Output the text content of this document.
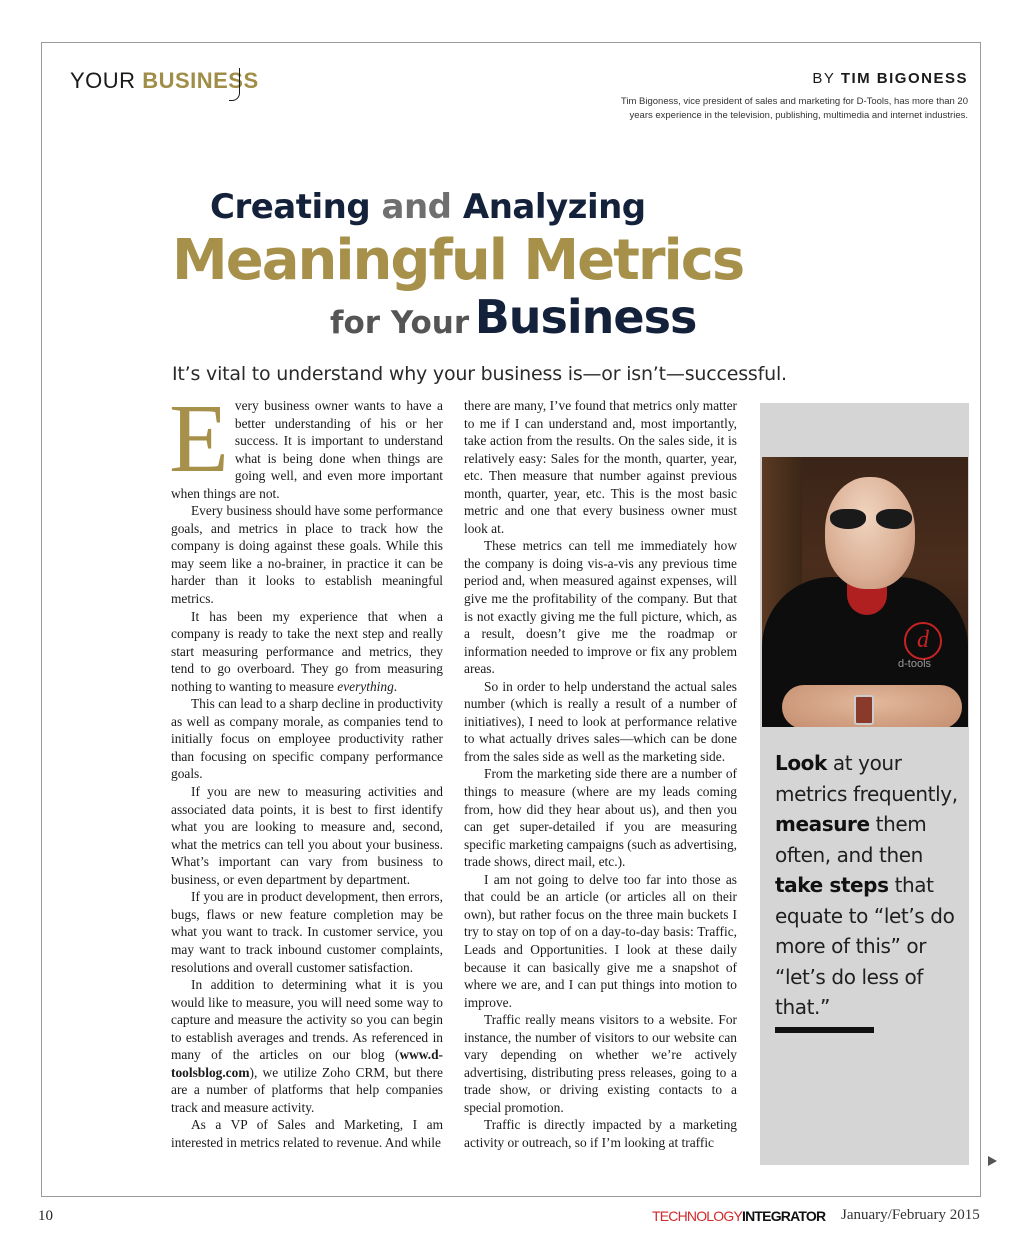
YOUR BUSINESS	BY TIM BIGONESS
Tim Bigoness, vice president of sales and marketing for D-Tools, has more than 20 years experience in the television, publishing, multimedia and internet industries.
Creating and Analyzing
Meaningful Metrics
for Your Business
It’s vital to understand why your business is—or isn’t—successful.

Every business owner wants to have a better understanding of his or her success. It is important to understand what is being done when things are going well, and even more important when things are not.

Every business should have some performance goals, and metrics in place to track how the company is doing against these goals. While this may seem like a no-brainer, in practice it can be harder than it looks to establish meaningful metrics.

It has been my experience that when a company is ready to take the next step and really start measuring performance and metrics, they tend to go overboard. They go from measuring nothing to wanting to measure everything.

This can lead to a sharp decline in productivity as well as company morale, as companies tend to initially focus on employee productivity rather than focusing on specific company performance goals.

If you are new to measuring activities and associated data points, it is best to first identify what you are looking to measure and, second, what the metrics can tell you about your business. What’s important can vary from business to business, or even department by department.

If you are in product development, then errors, bugs, flaws or new feature completion may be what you want to track. In customer service, you may want to track inbound customer complaints, resolutions and overall customer satisfaction.

In addition to determining what it is you would like to measure, you will need some way to capture and measure the activity so you can begin to establish averages and trends. As referenced in many of the articles on our blog (www.d-toolsblog.com), we utilize Zoho CRM, but there are a number of platforms that help companies track and measure activity.

As a VP of Sales and Marketing, I am interested in metrics related to revenue. And while

there are many, I’ve found that metrics only matter to me if I can understand and, most importantly, take action from the results. On the sales side, it is relatively easy: Sales for the month, quarter, year, etc. Then measure that number against previous month, quarter, year, etc. This is the most basic metric and one that every business owner must look at.

These metrics can tell me immediately how the company is doing vis-a-vis any previous time period and, when measured against expenses, will give me the profitability of the company. But that is not exactly giving me the full picture, which, as a result, doesn’t give me the roadmap or information needed to improve or fix any problem areas.

So in order to help understand the actual sales number (which is really a result of a number of initiatives), I need to look at performance relative to what actually drives sales—which can be done from the sales side as well as the marketing side.

From the marketing side there are a number of things to measure (where are my leads coming from, how did they hear about us), and then you can get super-detailed if you are measuring specific marketing campaigns (such as advertising, trade shows, direct mail, etc.).

I am not going to delve too far into those as that could be an article (or articles all on their own), but rather focus on the three main buckets I try to stay on top of on a day-to-day basis: Traffic, Leads and Opportunities. I look at these daily because it can basically give me a snapshot of where we are, and I can put things into motion to improve.

Traffic really means visitors to a website. For instance, the number of visitors to our website can vary depending on whether we’re actively advertising, distributing press releases, going to a trade show, or driving existing contacts to a special promotion.

Traffic is directly impacted by a marketing activity or outreach, so if I’m looking at traffic

d
d-tools
Look at your metrics frequently, measure them often, and then take steps that equate to “let’s do more of this” or “let’s do less of that.”
10	TECHNOLOGYINTEGRATOR January/February 2015
